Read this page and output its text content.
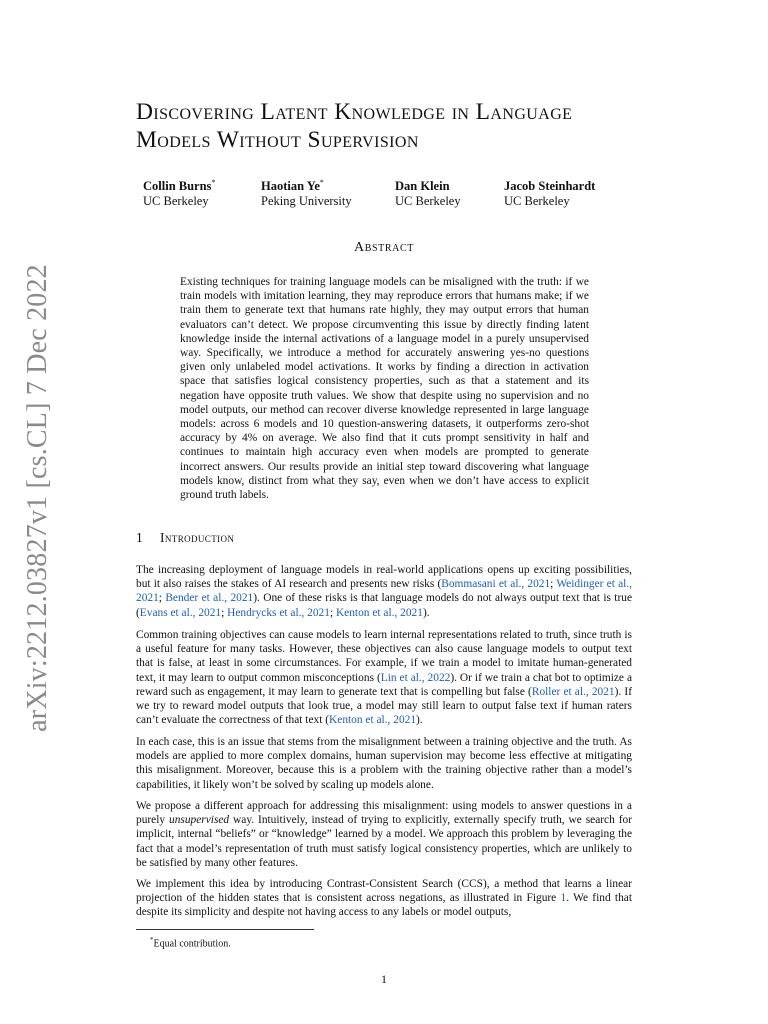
arXiv:2212.03827v1 [cs.CL] 7 Dec 2022
Discovering Latent Knowledge in Language Models Without Supervision
Collin Burns*
UC Berkeley
Haotian Ye*
Peking University
Dan Klein
UC Berkeley
Jacob Steinhardt
UC Berkeley
Abstract

Existing techniques for training language models can be misaligned with the truth: if we train models with imitation learning, they may reproduce errors that humans make; if we train them to generate text that humans rate highly, they may output errors that human evaluators can’t detect. We propose circumventing this issue by directly finding latent knowledge inside the internal activations of a language model in a purely unsupervised way. Specifically, we introduce a method for accurately answering yes-no questions given only unlabeled model activations. It works by finding a direction in activation space that satisfies logical consistency properties, such as that a statement and its negation have opposite truth values. We show that despite using no supervision and no model outputs, our method can recover diverse knowledge represented in large language models: across 6 models and 10 question-answering datasets, it outperforms zero-shot accuracy by 4% on average. We also find that it cuts prompt sensitivity in half and continues to maintain high accuracy even when models are prompted to generate incorrect answers. Our results provide an initial step toward discovering what language models know, distinct from what they say, even when we don’t have access to explicit ground truth labels.

1 Introduction

The increasing deployment of language models in real-world applications opens up exciting possibilities, but it also raises the stakes of AI research and presents new risks (Bommasani et al., 2021; Weidinger et al., 2021; Bender et al., 2021). One of these risks is that language models do not always output text that is true (Evans et al., 2021; Hendrycks et al., 2021; Kenton et al., 2021).

Common training objectives can cause models to learn internal representations related to truth, since truth is a useful feature for many tasks. However, these objectives can also cause language models to output text that is false, at least in some circumstances. For example, if we train a model to imitate human-generated text, it may learn to output common misconceptions (Lin et al., 2022). Or if we train a chat bot to optimize a reward such as engagement, it may learn to generate text that is compelling but false (Roller et al., 2021). If we try to reward model outputs that look true, a model may still learn to output false text if human raters can’t evaluate the correctness of that text (Kenton et al., 2021).

In each case, this is an issue that stems from the misalignment between a training objective and the truth. As models are applied to more complex domains, human supervision may become less effective at mitigating this misalignment. Moreover, because this is a problem with the training objective rather than a model’s capabilities, it likely won’t be solved by scaling up models alone.

We propose a different approach for addressing this misalignment: using models to answer questions in a purely unsupervised way. Intuitively, instead of trying to explicitly, externally specify truth, we search for implicit, internal “beliefs” or “knowledge” learned by a model. We approach this problem by leveraging the fact that a model’s representation of truth must satisfy logical consistency properties, which are unlikely to be satisfied by many other features.

We implement this idea by introducing Contrast-Consistent Search (CCS), a method that learns a linear projection of the hidden states that is consistent across negations, as illustrated in Figure 1. We find that despite its simplicity and despite not having access to any labels or model outputs,

*Equal contribution.
1
